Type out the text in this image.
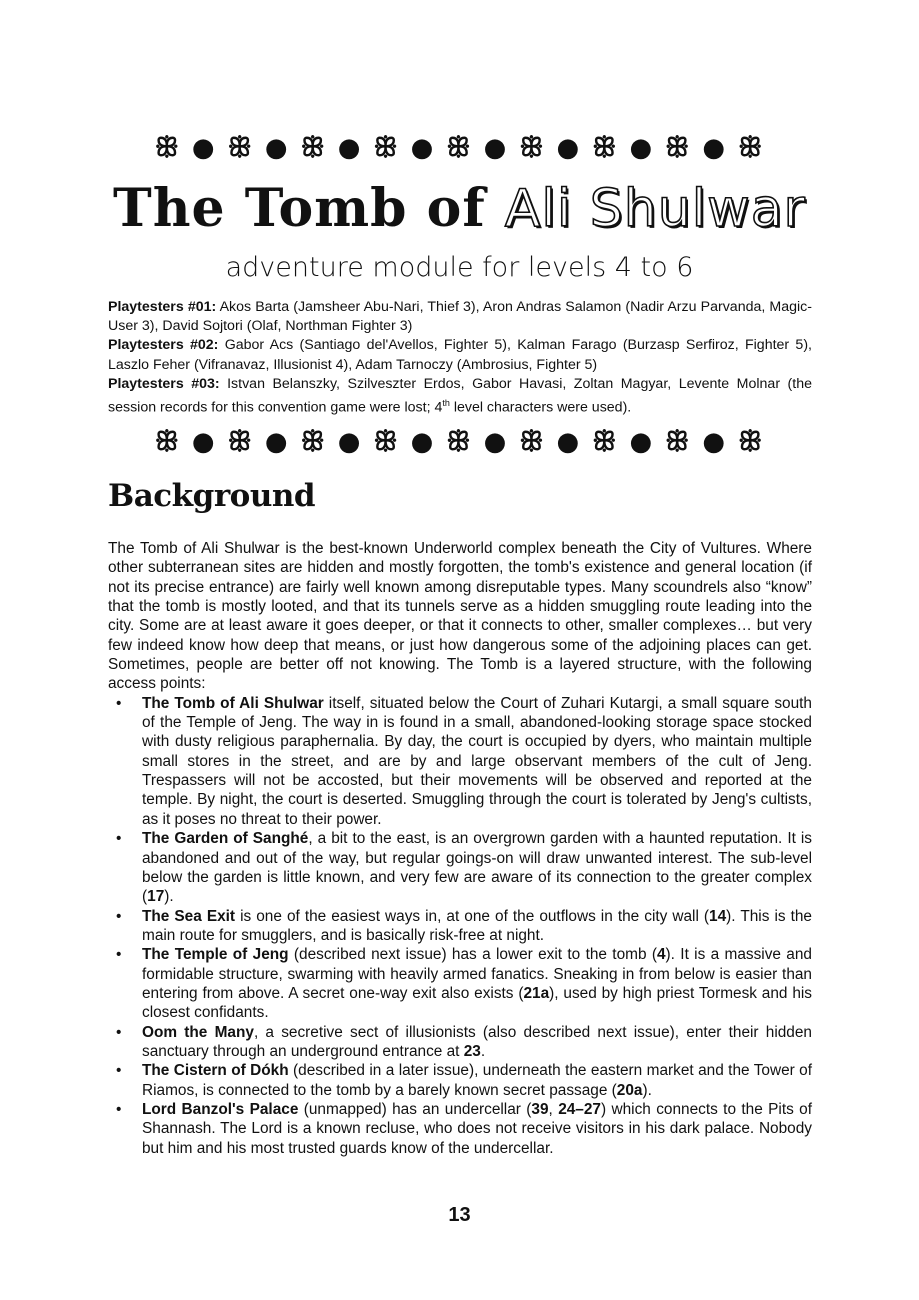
ꕥ ● ꕥ ● ꕥ ● ꕥ ● ꕥ ● ꕥ ● ꕥ ● ꕥ ● ꕥ
The Tomb of Ali Shulwar
adventure module for levels 4 to 6

Playtesters #01: Akos Barta (Jamsheer Abu-Nari, Thief 3), Aron Andras Salamon (Nadir Arzu Parvanda, Magic-User 3), David Sojtori (Olaf, Northman Fighter 3)

Playtesters #02: Gabor Acs (Santiago del'Avellos, Fighter 5), Kalman Farago (Burzasp Serfiroz, Fighter 5), Laszlo Feher (Vifranavaz, Illusionist 4), Adam Tarnoczy (Ambrosius, Fighter 5)

Playtesters #03: Istvan Belanszky, Szilveszter Erdos, Gabor Havasi, Zoltan Magyar, Levente Molnar (the session records for this convention game were lost; 4th level characters were used).

ꕥ ● ꕥ ● ꕥ ● ꕥ ● ꕥ ● ꕥ ● ꕥ ● ꕥ ● ꕥ
Background

The Tomb of Ali Shulwar is the best-known Underworld complex beneath the City of Vultures. Where other subterranean sites are hidden and mostly forgotten, the tomb's existence and general location (if not its precise entrance) are fairly well known among disreputable types. Many scoundrels also “know” that the tomb is mostly looted, and that its tunnels serve as a hidden smuggling route leading into the city. Some are at least aware it goes deeper, or that it connects to other, smaller complexes… but very few indeed know how deep that means, or just how dangerous some of the adjoining places can get. Sometimes, people are better off not knowing. The Tomb is a layered structure, with the following access points:

• The Tomb of Ali Shulwar itself, situated below the Court of Zuhari Kutargi, a small square south of the Temple of Jeng. The way in is found in a small, abandoned-looking storage space stocked with dusty religious paraphernalia. By day, the court is occupied by dyers, who maintain multiple small stores in the street, and are by and large observant members of the cult of Jeng. Trespassers will not be accosted, but their movements will be observed and reported at the temple. By night, the court is deserted. Smuggling through the court is tolerated by Jeng's cultists, as it poses no threat to their power.
• The Garden of Sanghé, a bit to the east, is an overgrown garden with a haunted reputation. It is abandoned and out of the way, but regular goings-on will draw unwanted interest. The sub-level below the garden is little known, and very few are aware of its connection to the greater complex (17).
• The Sea Exit is one of the easiest ways in, at one of the outflows in the city wall (14). This is the main route for smugglers, and is basically risk-free at night.
• The Temple of Jeng (described next issue) has a lower exit to the tomb (4). It is a massive and formidable structure, swarming with heavily armed fanatics. Sneaking in from below is easier than entering from above. A secret one-way exit also exists (21a), used by high priest Tormesk and his closest confidants.
• Oom the Many, a secretive sect of illusionists (also described next issue), enter their hidden sanctuary through an underground entrance at 23.
• The Cistern of Dókh (described in a later issue), underneath the eastern market and the Tower of Riamos, is connected to the tomb by a barely known secret passage (20a).
• Lord Banzol's Palace (unmapped) has an undercellar (39, 24–27) which connects to the Pits of Shannash. The Lord is a known recluse, who does not receive visitors in his dark palace. Nobody but him and his most trusted guards know of the undercellar.
13
